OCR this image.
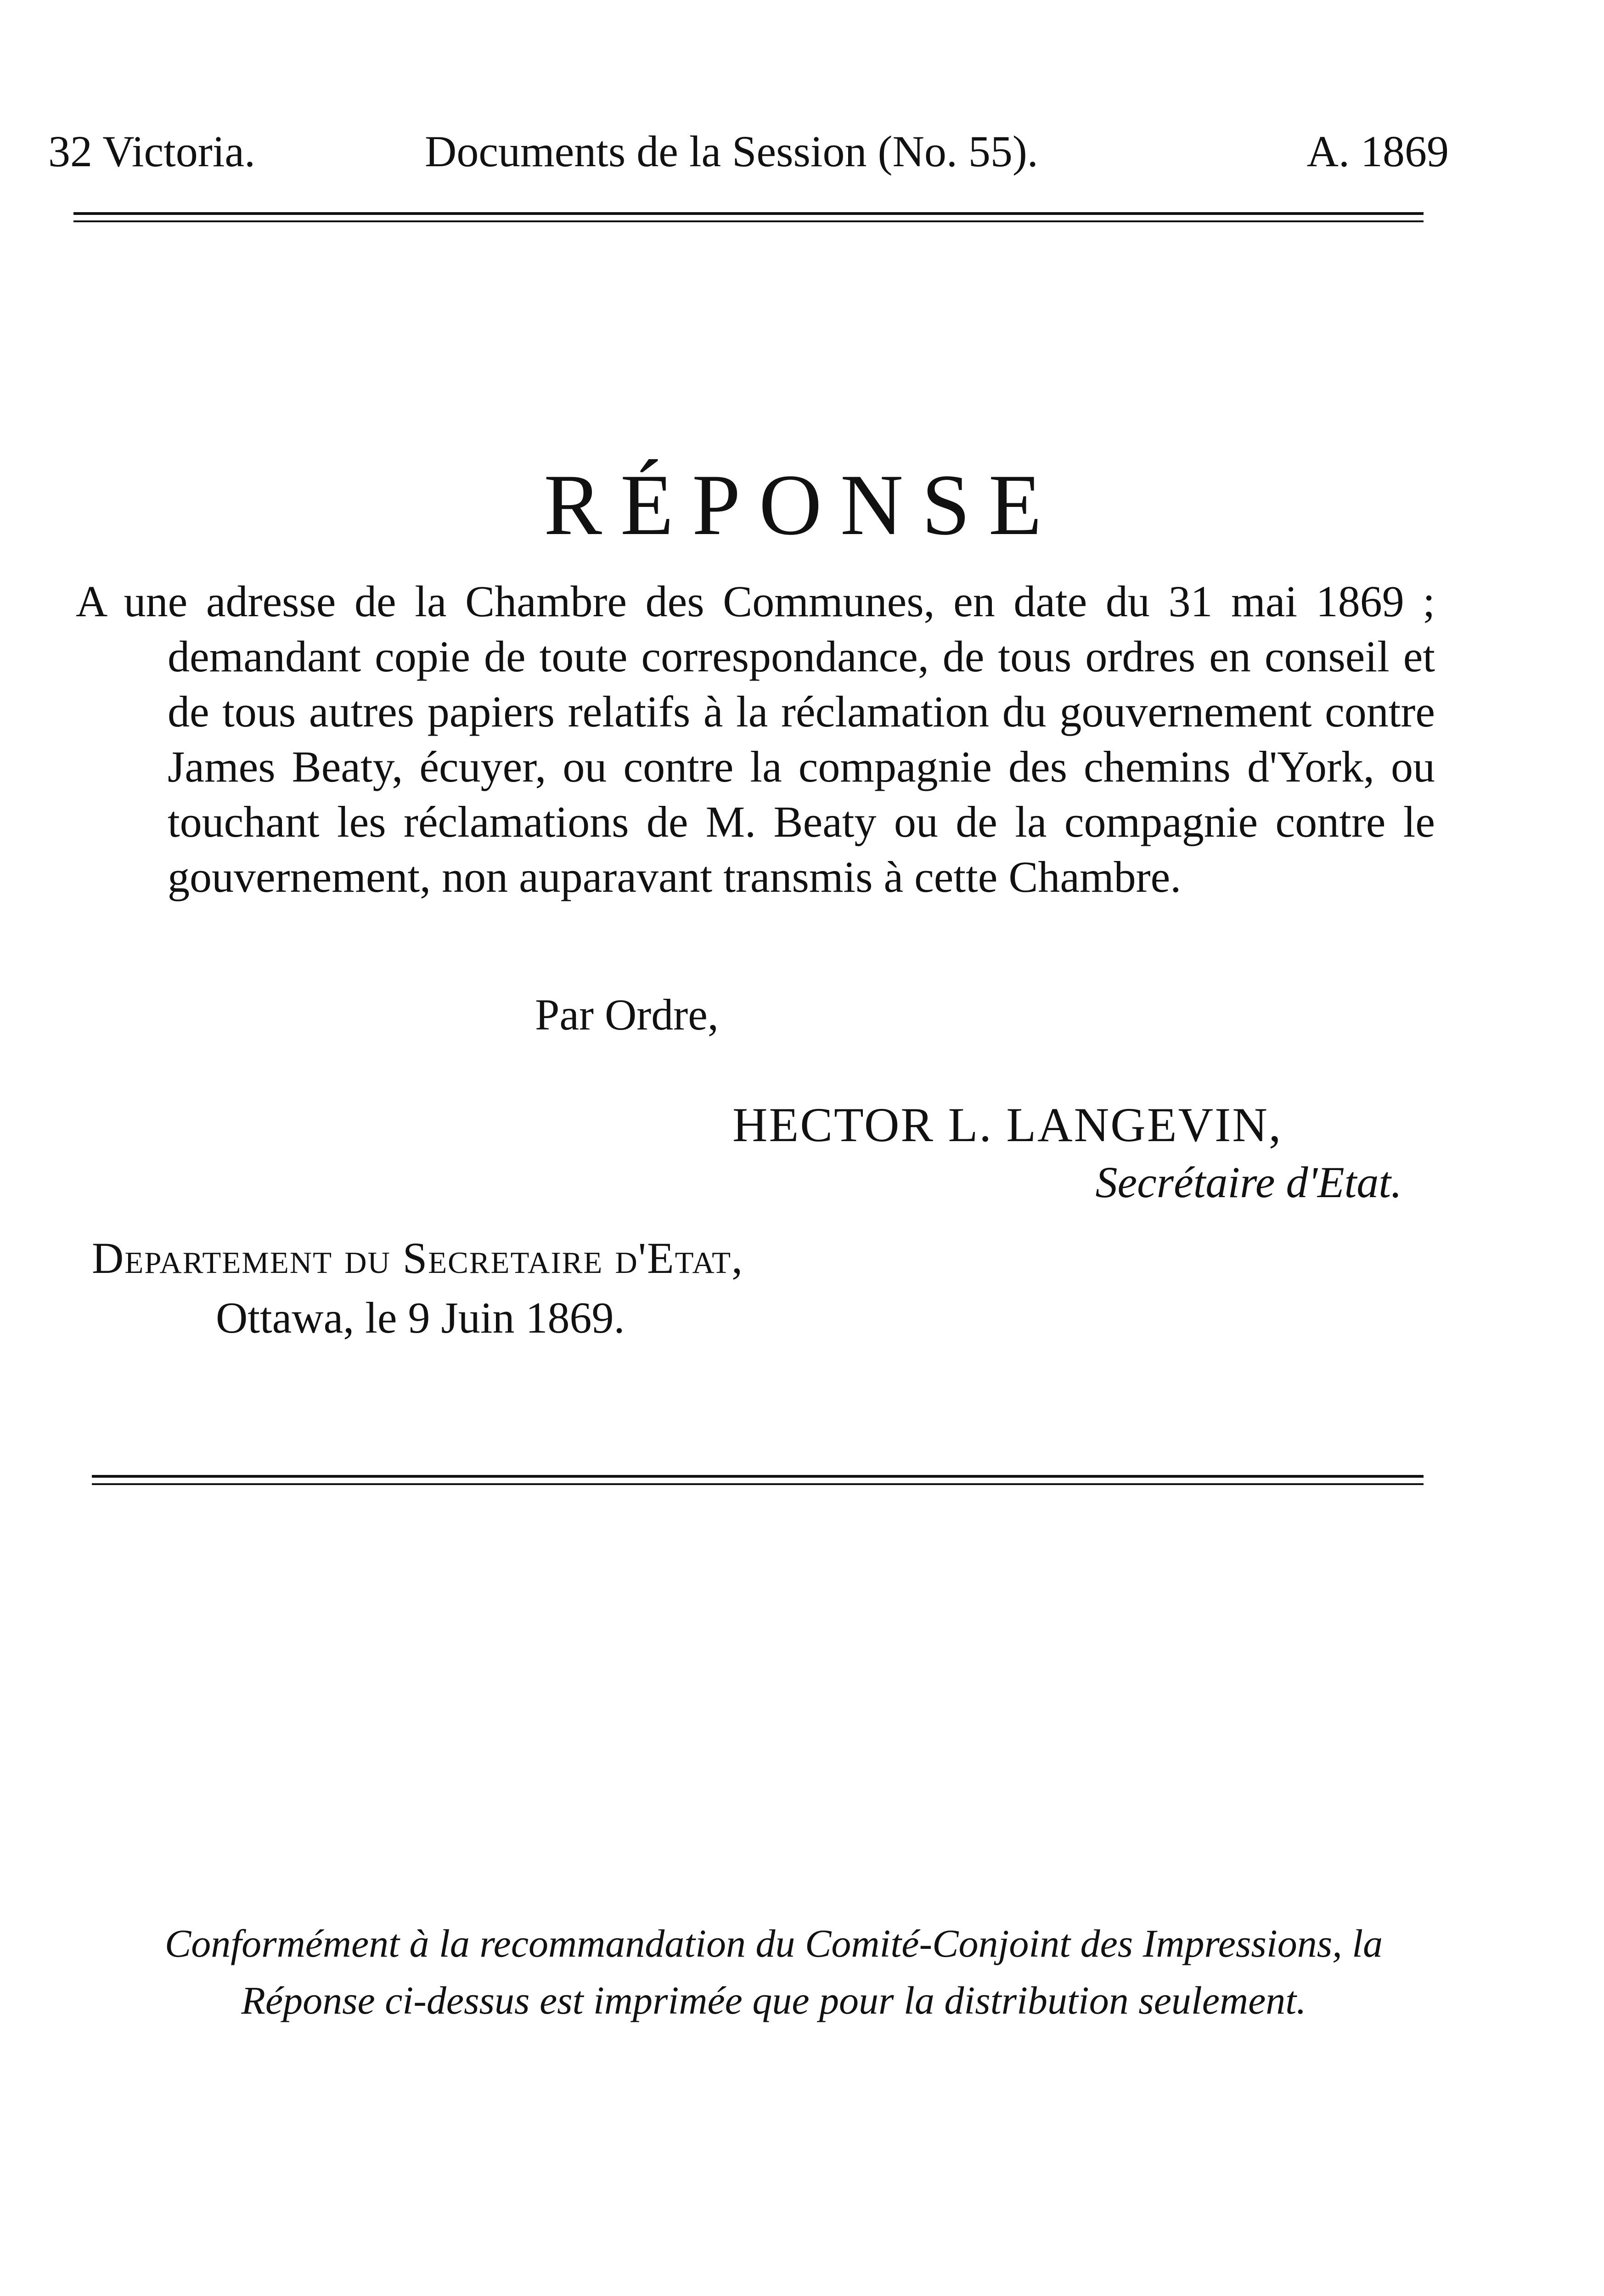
32 Victoria.	Documents de la Session (No. 55).	A. 1869
RÉPONSE
A une adresse de la Chambre des Communes, en date du 31 mai 1869 ;
demandant copie de toute correspondance, de tous ordres en conseil et de tous autres papiers relatifs à la réclamation du gouvernement contre James Beaty, écuyer, ou contre la compagnie des chemins d'York, ou touchant les réclamations de M. Beaty ou de la compagnie contre le gouvernement, non auparavant transmis à cette Chambre.
Par Ordre,
HECTOR L. LANGEVIN,
Secrétaire d'Etat.
Departement du Secretaire d'Etat,
Ottawa, le 9 Juin 1869.
Conformément à la recommandation du Comité-Conjoint des Impressions, la Réponse ci-dessus est imprimée que pour la distribution seulement.
